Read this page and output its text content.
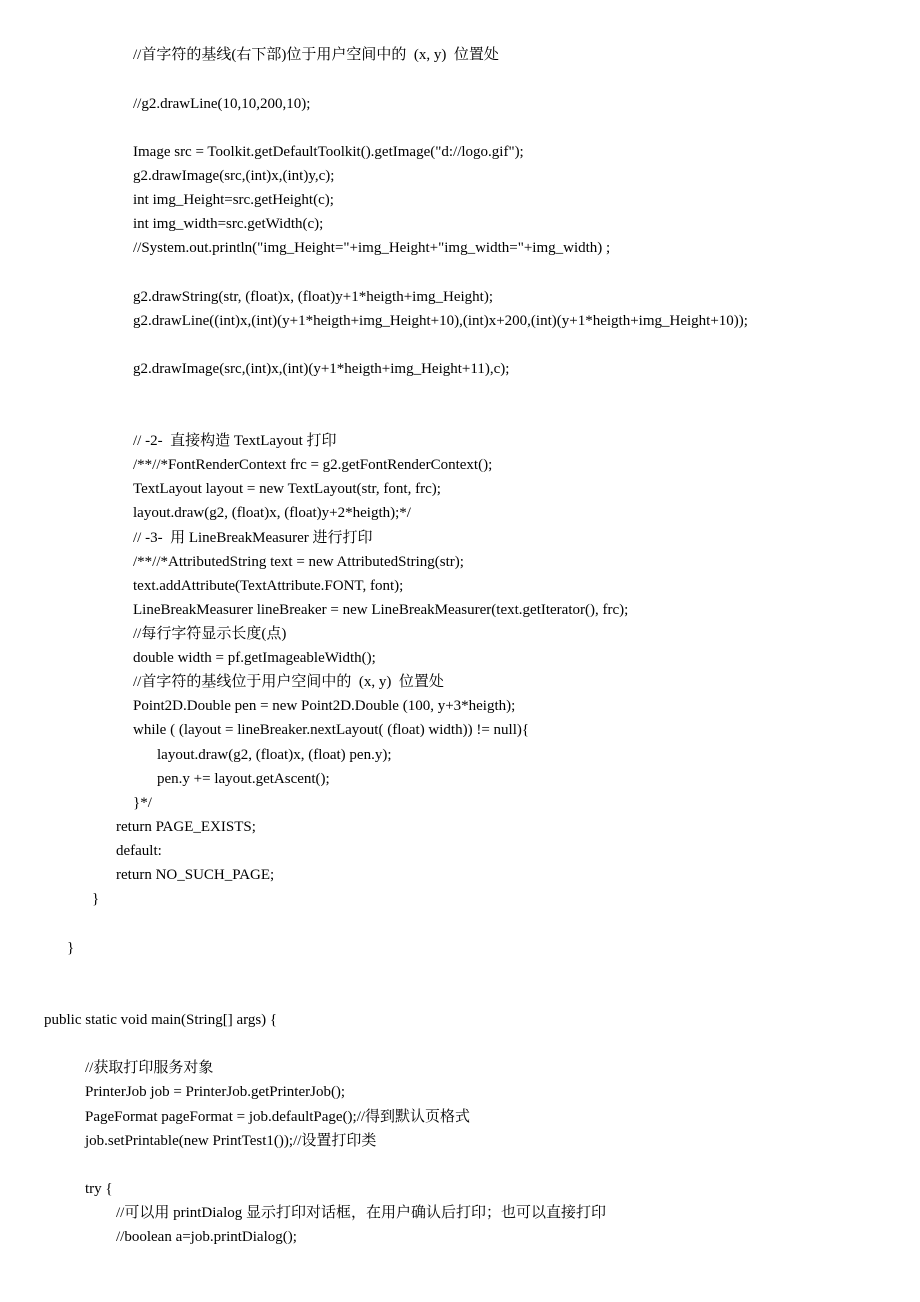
//首字符的基线(右下部)位于用户空间中的  (x, y)  位置处
//g2.drawLine(10,10,200,10);
Image src = Toolkit.getDefaultToolkit().getImage("d://logo.gif");
g2.drawImage(src,(int)x,(int)y,c);
int img_Height=src.getHeight(c);
int img_width=src.getWidth(c);
//System.out.println("img_Height="+img_Height+"img_width="+img_width) ;
g2.drawString(str, (float)x, (float)y+1*heigth+img_Height);
g2.drawLine((int)x,(int)(y+1*heigth+img_Height+10),(int)x+200,(int)(y+1*heigth+img_Height+10));
g2.drawImage(src,(int)x,(int)(y+1*heigth+img_Height+11),c);
// -2-  直接构造 TextLayout 打印
/**//*FontRenderContext frc = g2.getFontRenderContext();
TextLayout layout = new TextLayout(str, font, frc);
layout.draw(g2, (float)x, (float)y+2*heigth);*/
// -3-  用 LineBreakMeasurer 进行打印
/**//*AttributedString text = new AttributedString(str);
text.addAttribute(TextAttribute.FONT, font);
LineBreakMeasurer lineBreaker = new LineBreakMeasurer(text.getIterator(), frc);
//每行字符显示长度(点)
double width = pf.getImageableWidth();
//首字符的基线位于用户空间中的  (x, y)  位置处
Point2D.Double pen = new Point2D.Double (100, y+3*heigth);
while ( (layout = lineBreaker.nextLayout( (float) width)) != null){
layout.draw(g2, (float)x, (float) pen.y);
pen.y += layout.getAscent();
}*/
return PAGE_EXISTS;
default:
return NO_SUCH_PAGE;
}
}
public static void main(String[] args) {
//获取打印服务对象
PrinterJob job = PrinterJob.getPrinterJob();
PageFormat pageFormat = job.defaultPage();//得到默认页格式
job.setPrintable(new PrintTest1());//设置打印类
try {
//可以用 printDialog 显示打印对话框，在用户确认后打印；也可以直接打印
//boolean a=job.printDialog();
